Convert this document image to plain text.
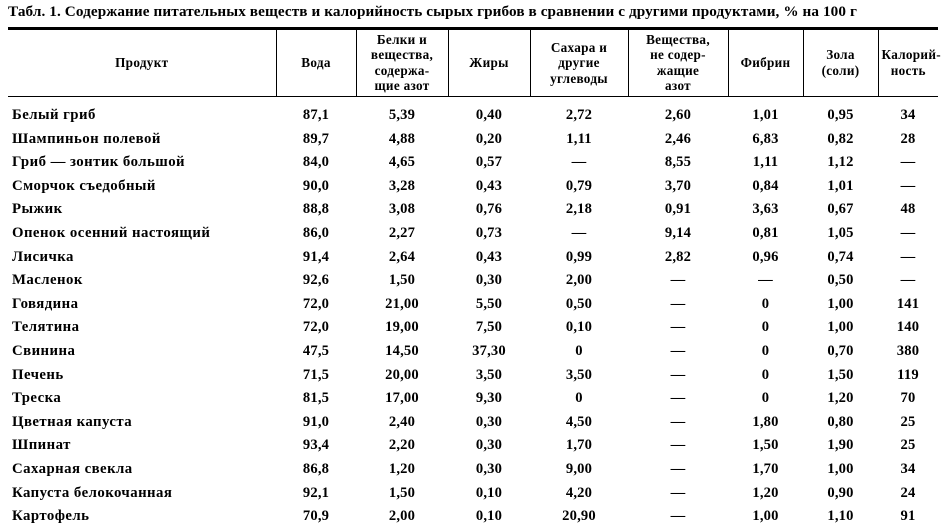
Табл. 1. Содержание питательных веществ и калорийность сырых грибов в сравнении с другими продуктами, % на 100 г
Продукт	Вода	Белки и
вещества,
содержа-
щие азот	Жиры	Сахара и
другие
углеводы	Вещества,
не содер-
жащие
азот	Фибрин	Зола
(соли)	Калорий-
ность
Белый гриб	87,1	5,39	0,40	2,72	2,60	1,01	0,95	34
Шампиньон полевой	89,7	4,88	0,20	1,11	2,46	6,83	0,82	28
Гриб — зонтик большой	84,0	4,65	0,57	—	8,55	1,11	1,12	—
Сморчок съедобный	90,0	3,28	0,43	0,79	3,70	0,84	1,01	—
Рыжик	88,8	3,08	0,76	2,18	0,91	3,63	0,67	48
Опенок осенний настоящий	86,0	2,27	0,73	—	9,14	0,81	1,05	—
Лисичка	91,4	2,64	0,43	0,99	2,82	0,96	0,74	—
Масленок	92,6	1,50	0,30	2,00	—	—	0,50	—
Говядина	72,0	21,00	5,50	0,50	—	0	1,00	141
Телятина	72,0	19,00	7,50	0,10	—	0	1,00	140
Свинина	47,5	14,50	37,30	0	—	0	0,70	380
Печень	71,5	20,00	3,50	3,50	—	0	1,50	119
Треска	81,5	17,00	9,30	0	—	0	1,20	70
Цветная капуста	91,0	2,40	0,30	4,50	—	1,80	0,80	25
Шпинат	93,4	2,20	0,30	1,70	—	1,50	1,90	25
Сахарная свекла	86,8	1,20	0,30	9,00	—	1,70	1,00	34
Капуста белокочанная	92,1	1,50	0,10	4,20	—	1,20	0,90	24
Картофель	70,9	2,00	0,10	20,90	—	1,00	1,10	91
